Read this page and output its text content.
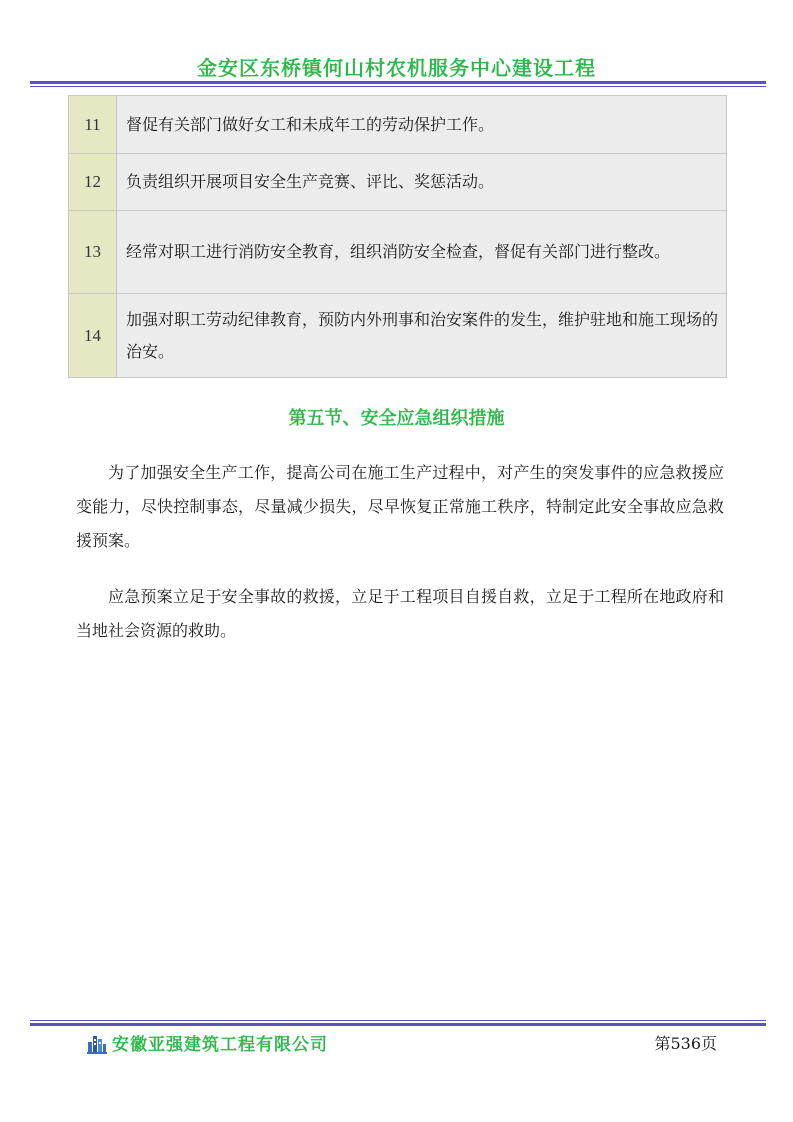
金安区东桥镇何山村农机服务中心建设工程
11	督促有关部门做好女工和未成年工的劳动保护工作。
12	负责组织开展项目安全生产竞赛、评比、奖惩活动。
13	经常对职工进行消防安全教育，组织消防安全检查，督促有关部门进行整改。
14	加强对职工劳动纪律教育，预防内外刑事和治安案件的发生，维护驻地和施工现场的治安。
第五节、安全应急组织措施

为了加强安全生产工作，提高公司在施工生产过程中，对产生的突发事件的应急救援应变能力，尽快控制事态，尽量减少损失，尽早恢复正常施工秩序，特制定此安全事故应急救援预案。

应急预案立足于安全事故的救援，立足于工程项目自援自救，立足于工程所在地政府和当地社会资源的救助。

安徽亚强建筑工程有限公司	第536页
